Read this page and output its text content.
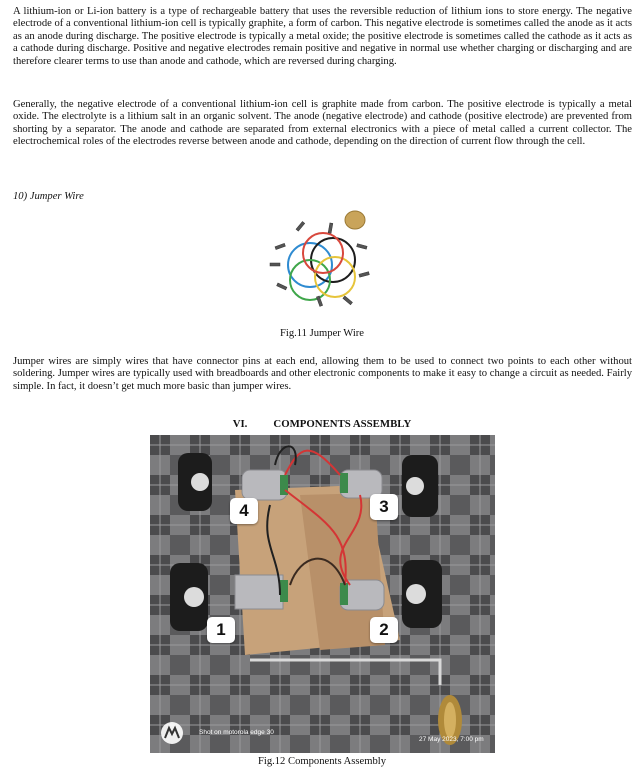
A lithium-ion or Li-ion battery is a type of rechargeable battery that uses the reversible reduction of lithium ions to store energy. The negative electrode of a conventional lithium-ion cell is typically graphite, a form of carbon. This negative electrode is sometimes called the anode as it acts as an anode during discharge. The positive electrode is typically a metal oxide; the positive electrode is sometimes called the cathode as it acts as a cathode during discharge. Positive and negative electrodes remain positive and negative in normal use whether charging or discharging and are therefore clearer terms to use than anode and cathode, which are reversed during charging.

Generally, the negative electrode of a conventional lithium-ion cell is graphite made from carbon. The positive electrode is typically a metal oxide. The electrolyte is a lithium salt in an organic solvent. The anode (negative electrode) and cathode (positive electrode) are prevented from shorting by a separator. The anode and cathode are separated from external electronics with a piece of metal called a current collector. The electrochemical roles of the electrodes reverse between anode and cathode, depending on the direction of current flow through the cell.

10) Jumper Wire
Fig.11 Jumper Wire

Jumper wires are simply wires that have connector pins at each end, allowing them to be used to connect two points to each other without soldering. Jumper wires are typically used with breadboards and other electronic components to make it easy to change a circuit as needed. Fairly simple. In fact, it doesn’t get much more basic than jumper wires.

VI. COMPONENTS ASSEMBLY
4	3
1	2
Shot on motorola edge 30
27 May 2023, 7:00 pm
Fig.12 Components Assembly
